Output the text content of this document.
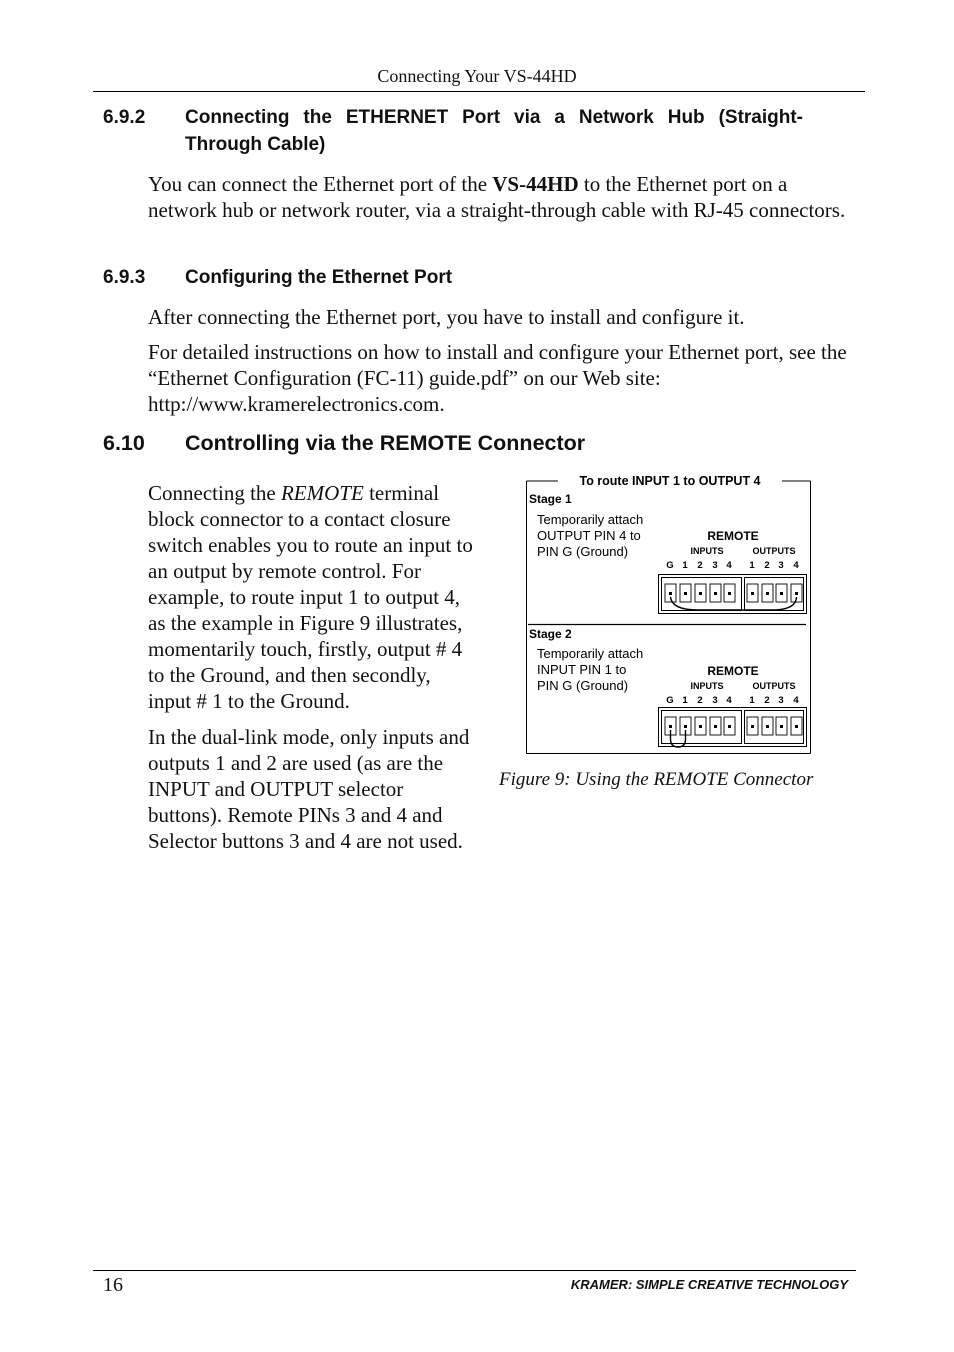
Connecting Your VS-44HD
6.9.2 Connecting the ETHERNET Port via a Network Hub (Straight-
Through Cable)
You can connect the Ethernet port of the VS-44HD to the Ethernet port on a network hub or network router, via a straight-through cable with RJ-45 connectors.
6.9.3 Configuring the Ethernet Port
After connecting the Ethernet port, you have to install and configure it.
For detailed instructions on how to install and configure your Ethernet port, see the “Ethernet Configuration (FC-11) guide.pdf” on our Web site: http://www.kramerelectronics.com.
6.10 Controlling via the REMOTE Connector
Connecting the REMOTE terminal block connector to a contact closure switch enables you to route an input to an output by remote control. For example, to route input 1 to output 4, as the example in Figure 9 illustrates, momentarily touch, firstly, output # 4 to the Ground, and then secondly, input # 1 to the Ground.
In the dual-link mode, only inputs and outputs 1 and 2 are used (as are the INPUT and OUTPUT selector buttons). Remote PINs 3 and 4 and Selector buttons 3 and 4 are not used.
To route INPUT 1 to OUTPUT 4
Stage 1
Temporarily attach
OUTPUT PIN 4 to
PIN G (Ground)
REMOTE
INPUTS	OUTPUTS
G 1 2 3 4 1 2 3 4
Stage 2
Temporarily attach
INPUT PIN 1 to
PIN G (Ground)
REMOTE
INPUTS	OUTPUTS
G 1 2 3 4 1 2 3 4
Figure 9: Using the REMOTE Connector
16	KRAMER: SIMPLE CREATIVE TECHNOLOGY
